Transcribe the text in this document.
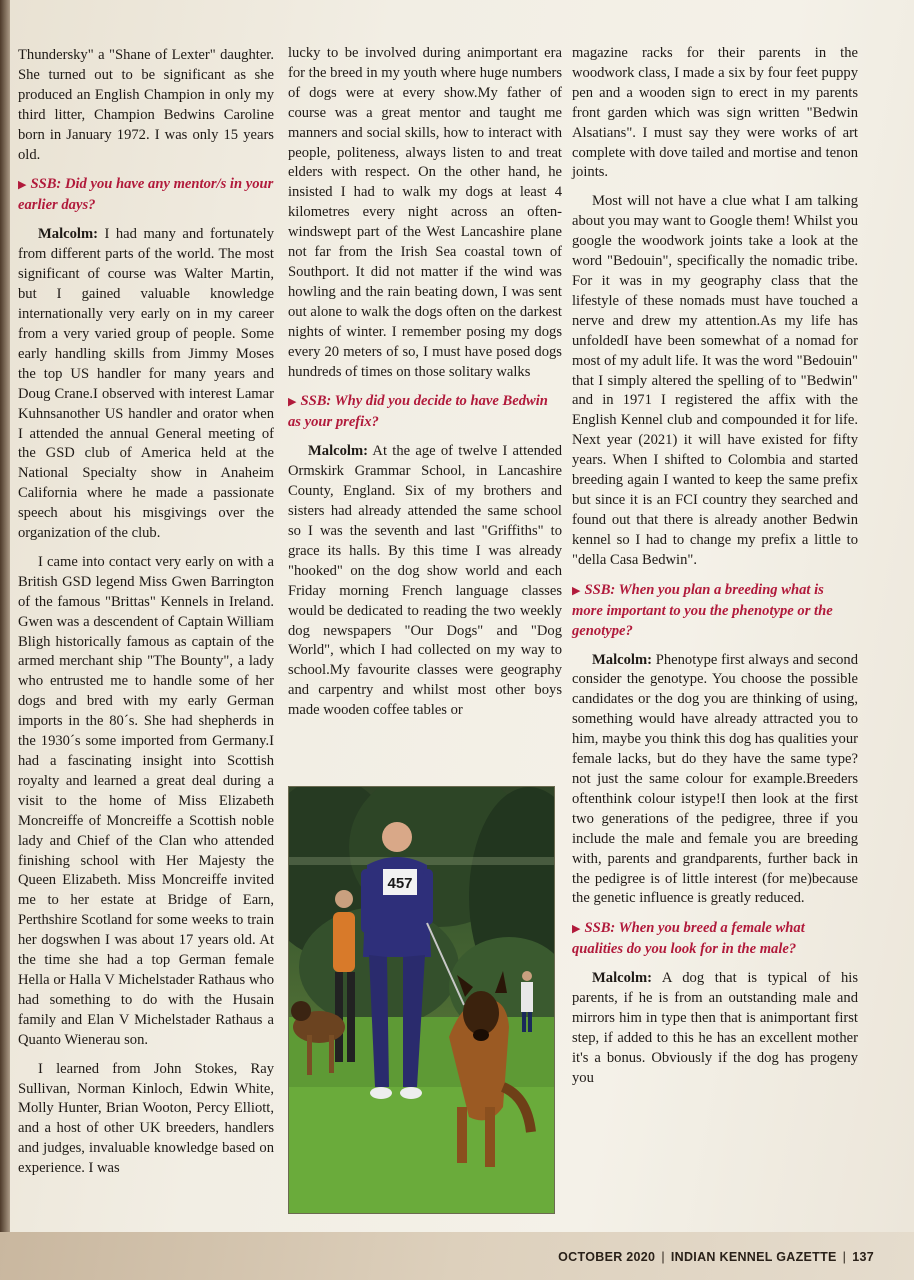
Thundersky" a "Shane of Lexter" daughter. She turned out to be significant as she produced an English Champion in only my third litter, Champion Bedwins Caroline born in January 1972. I was only 15 years old.

▶ SSB: Did you have any mentor/s in your earlier days?

Malcolm: I had many and fortunately from different parts of the world. The most significant of course was Walter Martin, but I gained valuable knowledge internationally very early on in my career from a very varied group of people. Some early handling skills from Jimmy Moses the top US handler for many years and Doug Crane.I observed with interest Lamar Kuhnsanother US handler and orator when I attended the annual General meeting of the GSD club of America held at the National Specialty show in Anaheim California where he made a passionate speech about his misgivings over the organization of the club.

I came into contact very early on with a British GSD legend Miss Gwen Barrington of the famous "Brittas" Kennels in Ireland. Gwen was a descendent of Captain William Bligh historically famous as captain of the armed merchant ship "The Bounty", a lady who entrusted me to handle some of her dogs and bred with my early German imports in the 80´s. She had shepherds in the 1930´s some imported from Germany.I had a fascinating insight into Scottish royalty and learned a great deal during a visit to the home of Miss Elizabeth Moncreiffe of Moncreiffe a Scottish noble lady and Chief of the Clan who attended finishing school with Her Majesty the Queen Elizabeth. Miss Moncreiffe invited me to her estate at Bridge of Earn, Perthshire Scotland for some weeks to train her dogswhen I was about 17 years old. At the time she had a top German female Hella or Halla V Michelstader Rathaus who had something to do with the Husain family and Elan V Michelstader Rathaus a Quanto Wienerau son.

I learned from John Stokes, Ray Sullivan, Norman Kinloch, Edwin White, Molly Hunter, Brian Wooton, Percy Elliott, and a host of other UK breeders, handlers and judges, invaluable knowledge based on experience. I was

lucky to be involved during animportant era for the breed in my youth where huge numbers of dogs were at every show.My father of course was a great mentor and taught me manners and social skills, how to interact with people, politeness, always listen to and treat elders with respect. On the other hand, he insisted I had to walk my dogs at least 4 kilometres every night across an often-windswept part of the West Lancashire plane not far from the Irish Sea coastal town of Southport. It did not matter if the wind was howling and the rain beating down, I was sent out alone to walk the dogs often on the darkest nights of winter. I remember posing my dogs every 20 meters of so, I must have posed dogs hundreds of times on those solitary walks

▶ SSB: Why did you decide to have Bedwin as your prefix?

Malcolm: At the age of twelve I attended Ormskirk Grammar School, in Lancashire County, England. Six of my brothers and sisters had already attended the same school so I was the seventh and last "Griffiths" to grace its halls. By this time I was already "hooked" on the dog show world and each Friday morning French language classes would be dedicated to reading the two weekly dog newspapers "Our Dogs" and "Dog World", which I had collected on my way to school.My favourite classes were geography and carpentry and whilst most other boys made wooden coffee tables or

magazine racks for their parents in the woodwork class, I made a six by four feet puppy pen and a wooden sign to erect in my parents front garden which was sign written "Bedwin Alsatians". I must say they were works of art complete with dove tailed and mortise and tenon joints.

Most will not have a clue what I am talking about you may want to Google them! Whilst you google the woodwork joints take a look at the word "Bedouin", specifically the nomadic tribe. For it was in my geography class that the lifestyle of these nomads must have touched a nerve and drew my attention.As my life has unfoldedI have been somewhat of a nomad for most of my adult life. It was the word "Bedouin" that I simply altered the spelling of to "Bedwin" and in 1971 I registered the affix with the English Kennel club and compounded it for life. Next year (2021) it will have existed for fifty years. When I shifted to Colombia and started breeding again I wanted to keep the same prefix but since it is an FCI country they searched and found out that there is already another Bedwin kennel so I had to change my prefix a little to "della Casa Bedwin".

▶ SSB: When you plan a breeding what is more important to you the phenotype or the genotype?

Malcolm: Phenotype first always and second consider the genotype. You choose the possible candidates or the dog you are thinking of using, something would have already attracted you to him, maybe you think this dog has qualities your female lacks, but do they have the same type? not just the same colour for example.Breeders oftenthink colour istype!I then look at the first two generations of the pedigree, three if you include the male and female you are breeding with, parents and grandparents, further back in the pedigree is of little interest (for me)because the genetic influence is greatly reduced.

▶ SSB: When you breed a female what qualities do you look for in the male?

Malcolm: A dog that is typical of his parents, if he is from an outstanding male and mirrors him in type then that is animportant first step, if added to this he has an excellent mother it's a bonus. Obviously if the dog has progeny you

457
OCTOBER 2020 | INDIAN KENNEL GAZETTE | 137
